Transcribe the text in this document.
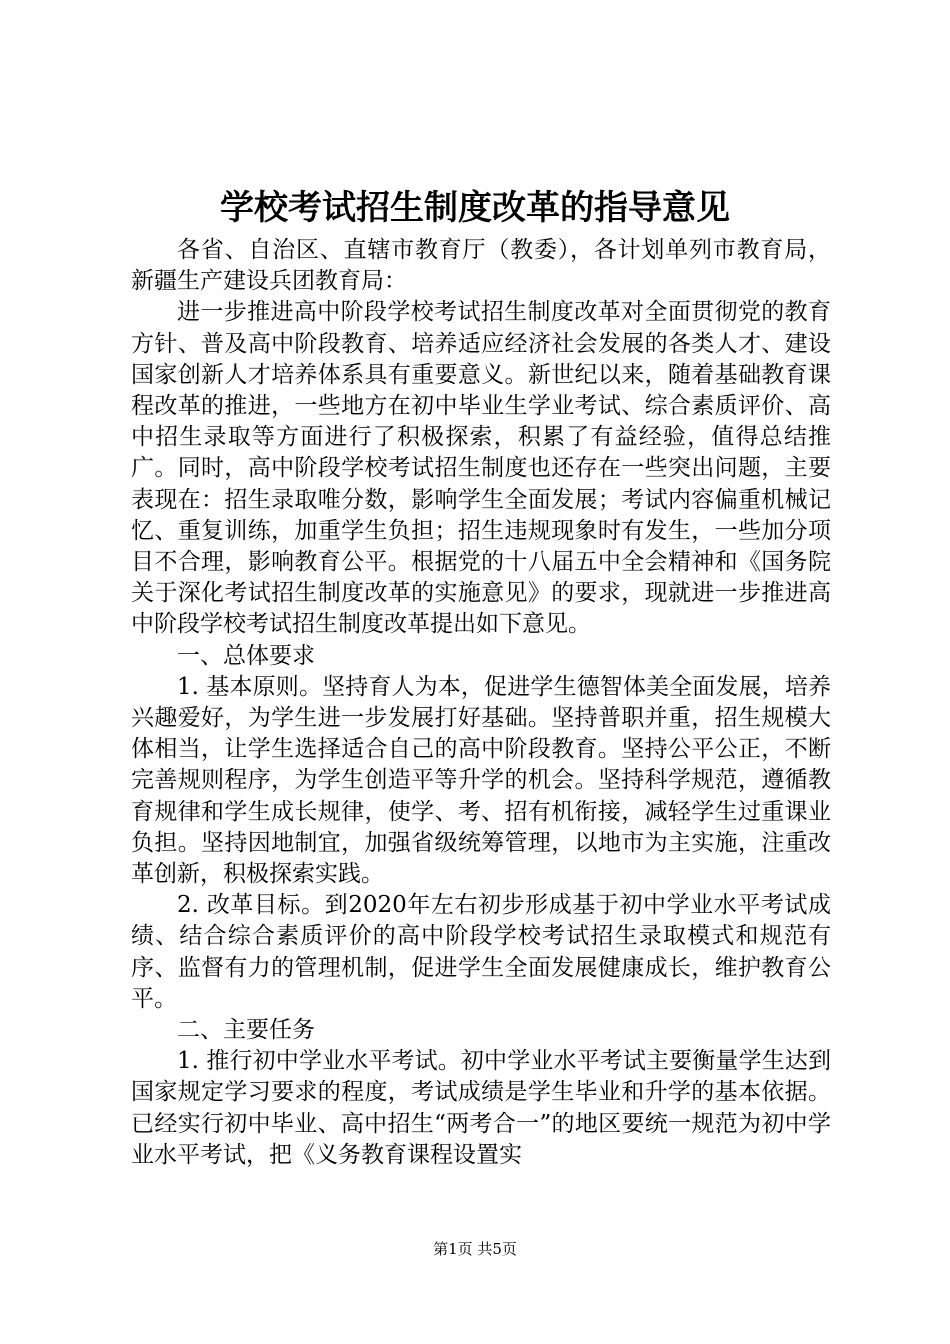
学校考试招生制度改革的指导意见

各省、自治区、直辖市教育厅（教委），各计划单列市教育局，新疆生产建设兵团教育局：

进一步推进高中阶段学校考试招生制度改革对全面贯彻党的教育方针、普及高中阶段教育、培养适应经济社会发展的各类人才、建设国家创新人才培养体系具有重要意义。新世纪以来，随着基础教育课程改革的推进，一些地方在初中毕业生学业考试、综合素质评价、高中招生录取等方面进行了积极探索，积累了有益经验，值得总结推广。同时，高中阶段学校考试招生制度也还存在一些突出问题，主要表现在：招生录取唯分数，影响学生全面发展；考试内容偏重机械记忆、重复训练，加重学生负担；招生违规现象时有发生，一些加分项目不合理，影响教育公平。根据党的十八届五中全会精神和《国务院关于深化考试招生制度改革的实施意见》的要求，现就进一步推进高中阶段学校考试招生制度改革提出如下意见。

一、总体要求

1. 基本原则。坚持育人为本，促进学生德智体美全面发展，培养兴趣爱好，为学生进一步发展打好基础。坚持普职并重，招生规模大体相当，让学生选择适合自己的高中阶段教育。坚持公平公正，不断完善规则程序，为学生创造平等升学的机会。坚持科学规范，遵循教育规律和学生成长规律，使学、考、招有机衔接，减轻学生过重课业负担。坚持因地制宜，加强省级统筹管理，以地市为主实施，注重改革创新，积极探索实践。

2. 改革目标。到2020年左右初步形成基于初中学业水平考试成绩、结合综合素质评价的高中阶段学校考试招生录取模式和规范有序、监督有力的管理机制，促进学生全面发展健康成长，维护教育公平。

二、主要任务

1. 推行初中学业水平考试。初中学业水平考试主要衡量学生达到国家规定学习要求的程度，考试成绩是学生毕业和升学的基本依据。已经实行初中毕业、高中招生“两考合一”的地区要统一规范为初中学业水平考试，把《义务教育课程设置实

第1页 共5页
